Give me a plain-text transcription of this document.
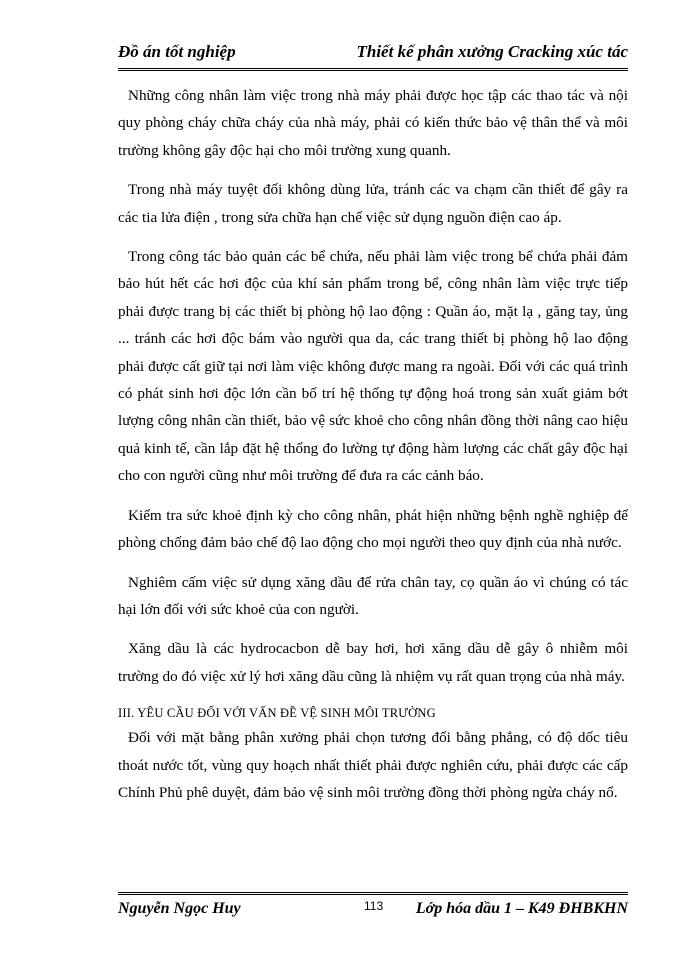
Đồ án tốt nghiệp	Thiết kế phân xưởng Cracking xúc tác

Những công nhân làm việc trong nhà máy phải được học tập các thao tác và nội quy phòng cháy chữa cháy của nhà máy, phải có kiến thức bảo vệ thân thể và môi trường không gây độc hại cho môi trường xung quanh.

Trong nhà máy tuyệt đối không dùng lửa, tránh các va chạm cần thiết để gây ra các tia lửa điện , trong sửa chữa hạn chế việc sử dụng nguồn điện cao áp.

Trong công tác bảo quản các bể chứa, nếu phải làm việc trong bể chứa phải đảm bảo hút hết các hơi độc của khí sản phẩm trong bể, công nhân làm việc trực tiếp phải được trang bị các thiết bị phòng hộ lao động : Quần áo, mặt lạ , găng tay, ủng ... tránh các hơi độc bám vào người qua da, các trang thiết bị phòng hộ lao động phải được cất giữ tại nơi làm việc không được mang ra ngoài. Đối với các quá trình có phát sinh hơi độc lớn cần bố trí hệ thống tự động hoá trong sản xuất giảm bớt lượng công nhân cần thiết, bảo vệ sức khoẻ cho công nhân đồng thời nâng cao hiệu quả kinh tế, cần lắp đặt hệ thống đo lường tự động hàm lượng các chất gây độc hại cho con người cũng như môi trường để đưa ra các cảnh báo.

Kiểm tra sức khoẻ định kỳ cho công nhân, phát hiện những bệnh nghề nghiệp để phòng chống đảm bảo chế độ lao động cho mọi người theo quy định của nhà nước.

Nghiêm cấm việc sử dụng xăng dầu để rửa chân tay, cọ quần áo vì chúng có tác hại lớn đối với sức khoẻ của con người.

Xăng dầu là các hydrocacbon dễ bay hơi, hơi xăng dầu dễ gây ô nhiễm môi trường do đó việc xử lý hơi xăng dầu cũng là nhiệm vụ rất quan trọng của nhà máy.

III. YÊU CẦU ĐỐI VỚI VẤN ĐỀ VỆ SINH MÔI TRƯỜNG

Đối với mặt bằng phân xưởng phải chọn tương đối bằng phẳng, có độ dốc tiêu thoát nước tốt, vùng quy hoạch nhất thiết phải được nghiên cứu, phải được các cấp Chính Phủ phê duyệt, đảm bảo vệ sinh môi trường đồng thời phòng ngừa cháy nổ.

Nguyễn Ngọc Huy	113 Lớp hóa dầu 1 – K49 ĐHBKHN
